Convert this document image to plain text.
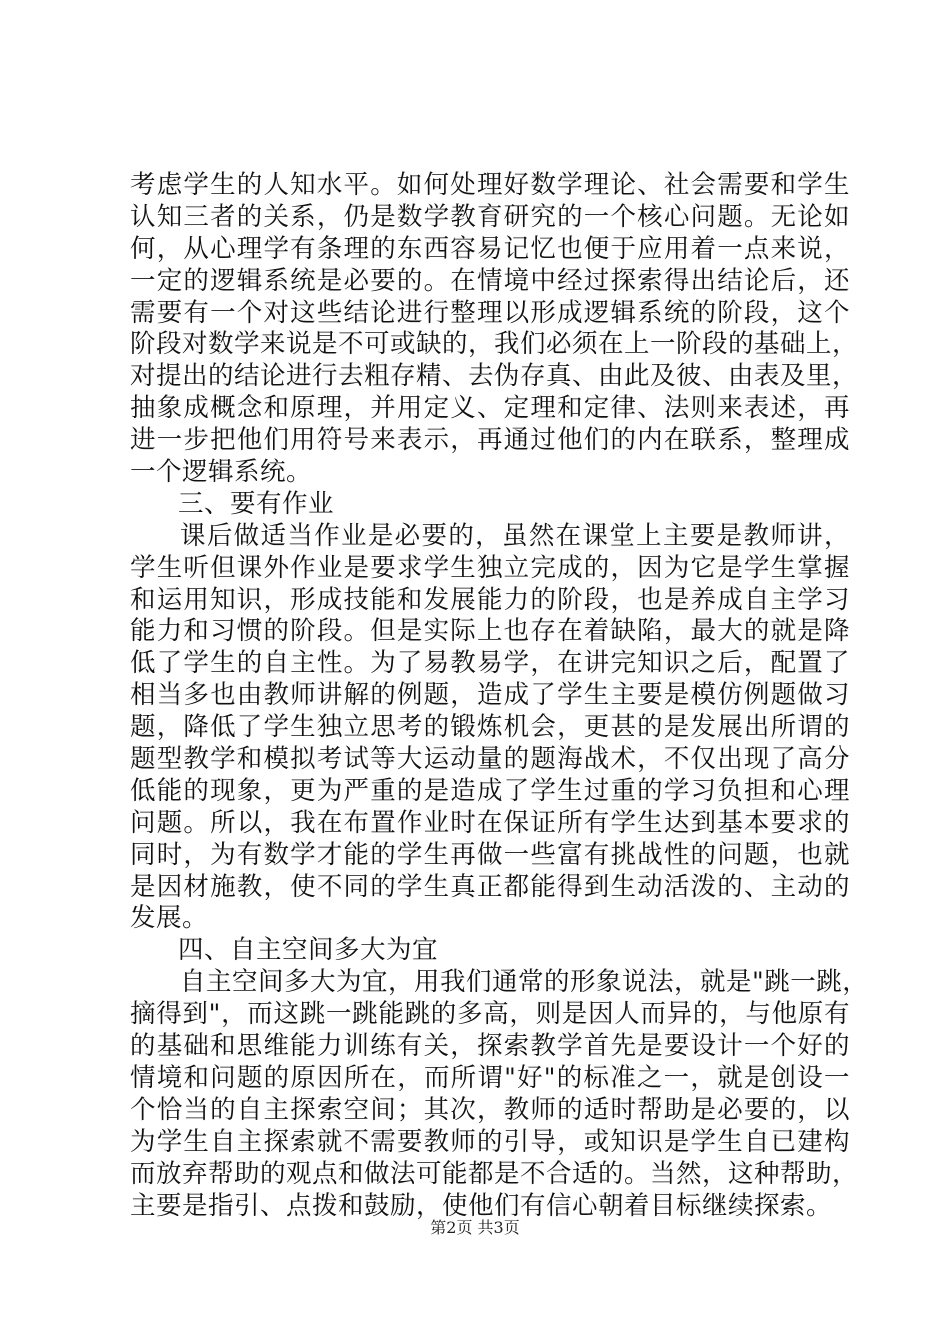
考虑学生的人知水平。如何处理好数学理论、社会需要和学生
认知三者的关系，仍是数学教育研究的一个核心问题。无论如
何，从心理学有条理的东西容易记忆也便于应用着一点来说，
一定的逻辑系统是必要的。在情境中经过探索得出结论后，还
需要有一个对这些结论进行整理以形成逻辑系统的阶段，这个
阶段对数学来说是不可或缺的，我们必须在上一阶段的基础上，
对提出的结论进行去粗存精、去伪存真、由此及彼、由表及里，
抽象成概念和原理，并用定义、定理和定律、法则来表述，再
进一步把他们用符号来表示，再通过他们的内在联系，整理成
一个逻辑系统。
三、要有作业
课后做适当作业是必要的，虽然在课堂上主要是教师讲，
学生听但课外作业是要求学生独立完成的，因为它是学生掌握
和运用知识，形成技能和发展能力的阶段，也是养成自主学习
能力和习惯的阶段。但是实际上也存在着缺陷，最大的就是降
低了学生的自主性。为了易教易学，在讲完知识之后，配置了
相当多也由教师讲解的例题，造成了学生主要是模仿例题做习
题，降低了学生独立思考的锻炼机会，更甚的是发展出所谓的
题型教学和模拟考试等大运动量的题海战术，不仅出现了高分
低能的现象，更为严重的是造成了学生过重的学习负担和心理
问题。所以，我在布置作业时在保证所有学生达到基本要求的
同时，为有数学才能的学生再做一些富有挑战性的问题，也就
是因材施教，使不同的学生真正都能得到生动活泼的、主动的
发展。
四、自主空间多大为宜
自主空间多大为宜，用我们通常的形象说法，就是"跳一跳，
摘得到"，而这跳一跳能跳的多高，则是因人而异的，与他原有
的基础和思维能力训练有关，探索教学首先是要设计一个好的
情境和问题的原因所在，而所谓"好"的标准之一，就是创设一
个恰当的自主探索空间；其次，教师的适时帮助是必要的，以
为学生自主探索就不需要教师的引导，或知识是学生自已建构
而放弃帮助的观点和做法可能都是不合适的。当然，这种帮助，
主要是指引、点拨和鼓励，使他们有信心朝着目标继续探索。
第2页 共3页
